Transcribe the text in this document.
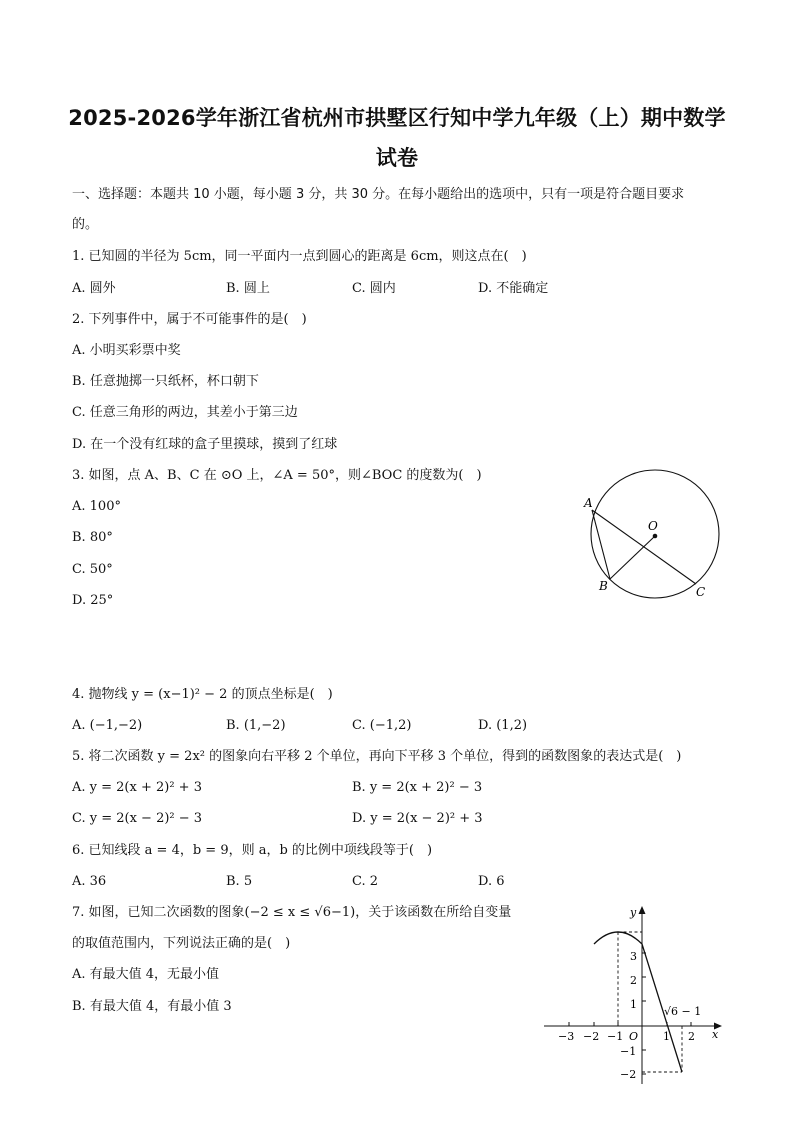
2025-2026学年浙江省杭州市拱墅区行知中学九年级（上）期中数学
试卷
一、选择题：本题共 10 小题，每小题 3 分，共 30 分。在每小题给出的选项中，只有一项是符合题目要求
的。
1. 已知圆的半径为 5cm，同一平面内一点到圆心的距离是 6cm，则这点在(　)
A. 圆外	B. 圆上	C. 圆内	D. 不能确定
2. 下列事件中，属于不可能事件的是(　)
A. 小明买彩票中奖
B. 任意抛掷一只纸杯，杯口朝下
C. 任意三角形的两边，其差小于第三边
D. 在一个没有红球的盒子里摸球，摸到了红球
3. 如图，点 A、B、C 在 ⊙O 上，∠A = 50°，则∠BOC 的度数为(　)
A. 100°
B. 80°
C. 50°
D. 25°
A
O
B	C
4. 抛物线 y = (x−1)² − 2 的顶点坐标是(　)
A. (−1,−2)	B. (1,−2)	C. (−1,2)	D. (1,2)
5. 将二次函数 y = 2x² 的图象向右平移 2 个单位，再向下平移 3 个单位，得到的函数图象的表达式是(　)
A. y = 2(x + 2)² + 3	B. y = 2(x + 2)² − 3
C. y = 2(x − 2)² − 3	D. y = 2(x − 2)² + 3
6. 已知线段 a = 4，b = 9，则 a，b 的比例中项线段等于(　)
A. 36	B. 5	C. 2	D. 6
7. 如图，已知二次函数的图象(−2 ≤ x ≤ √6−1)，关于该函数在所给自变量
的取值范围内，下列说法正确的是(　)
A. 有最大值 4，无最小值
B. 有最大值 4，有最小值 3
−3 −2 −1 O 1 2 x
y
3
2
1
−1
−2
√6 − 1
